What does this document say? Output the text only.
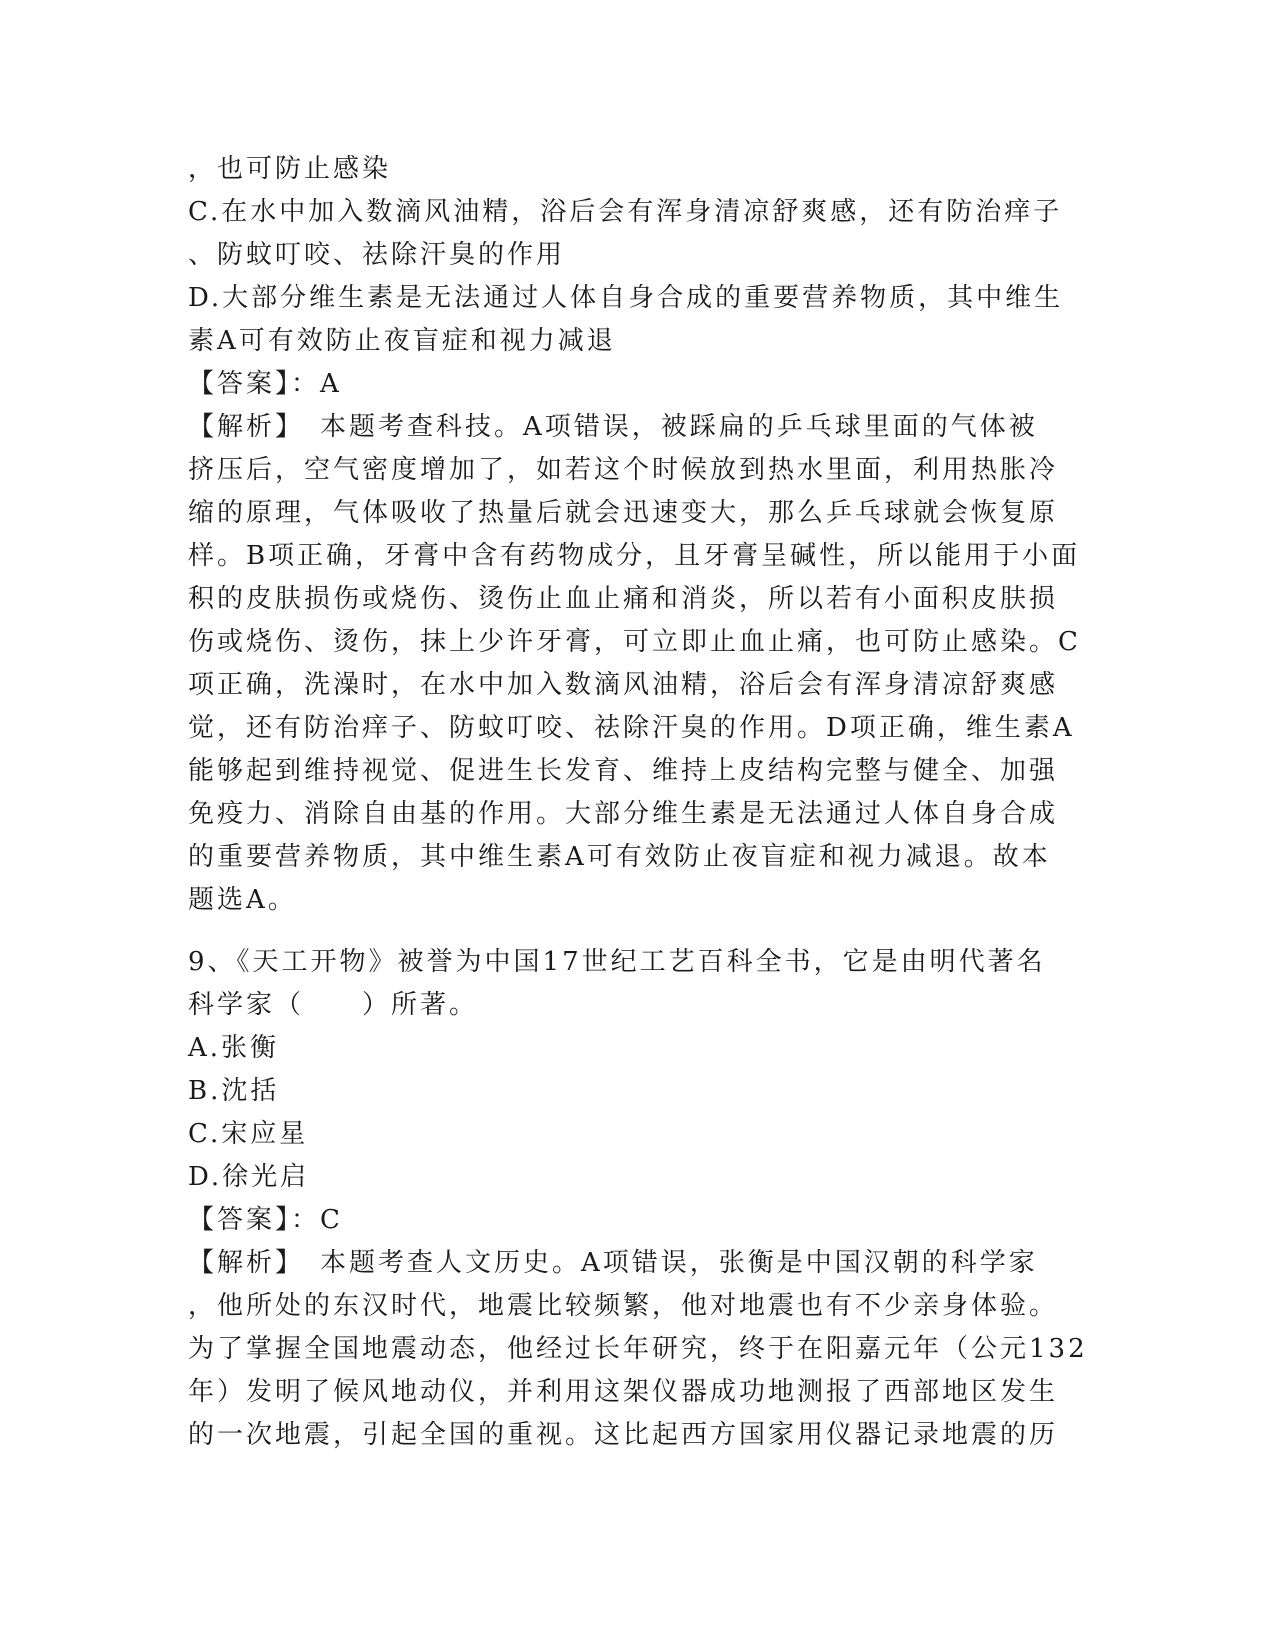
，也可防止感染
C.在水中加入数滴风油精，浴后会有浑身清凉舒爽感，还有防治痒子
、防蚊叮咬、祛除汗臭的作用
D.大部分维生素是无法通过人体自身合成的重要营养物质，其中维生
素A可有效防止夜盲症和视力减退
【答案】：A
【解析】　本题考查科技。A项错误，被踩扁的乒乓球里面的气体被
挤压后，空气密度增加了，如若这个时候放到热水里面，利用热胀冷
缩的原理，气体吸收了热量后就会迅速变大，那么乒乓球就会恢复原
样。B项正确，牙膏中含有药物成分，且牙膏呈碱性，所以能用于小面
积的皮肤损伤或烧伤、烫伤止血止痛和消炎，所以若有小面积皮肤损
伤或烧伤、烫伤，抹上少许牙膏，可立即止血止痛，也可防止感染。C
项正确，洗澡时，在水中加入数滴风油精，浴后会有浑身清凉舒爽感
觉，还有防治痒子、防蚊叮咬、祛除汗臭的作用。D项正确，维生素A
能够起到维持视觉、促进生长发育、维持上皮结构完整与健全、加强
免疫力、消除自由基的作用。大部分维生素是无法通过人体自身合成
的重要营养物质，其中维生素A可有效防止夜盲症和视力减退。故本
题选A。
9、《天工开物》被誉为中国17世纪工艺百科全书，它是由明代著名
科学家（　　）所著。
A.张衡
B.沈括
C.宋应星
D.徐光启
【答案】：C
【解析】　本题考查人文历史。A项错误，张衡是中国汉朝的科学家
，他所处的东汉时代，地震比较频繁，他对地震也有不少亲身体验。
为了掌握全国地震动态，他经过长年研究，终于在阳嘉元年（公元132
年）发明了候风地动仪，并利用这架仪器成功地测报了西部地区发生
的一次地震，引起全国的重视。这比起西方国家用仪器记录地震的历
